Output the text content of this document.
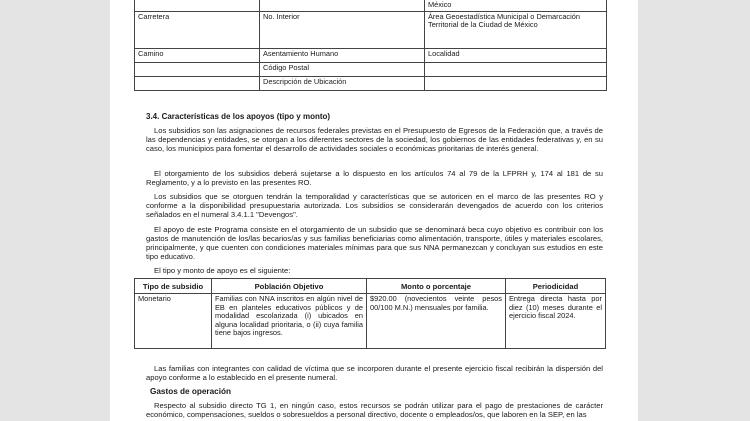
		México
Carretera	No. Interior	Área Geoestadística Municipal o Demarcación Territorial de la Ciudad de México
Camino	Asentamiento Humano	Localidad
	Código Postal	
	Descripción de Ubicación	
3.4. Características de los apoyos (tipo y monto)
Los subsidios son las asignaciones de recursos federales previstas en el Presupuesto de Egresos de la Federación que, a través de las dependencias y entidades, se otorgan a los diferentes sectores de la sociedad, los gobiernos de las entidades federativas y, en su caso, los municipios para fomentar el desarrollo de actividades sociales o económicas prioritarias de interés general.
El otorgamiento de los subsidios deberá sujetarse a lo dispuesto en los artículos 74 al 79 de la LFPRH y, 174 al 181 de su Reglamento, y a lo previsto en las presentes RO.
Los subsidios que se otorguen tendrán la temporalidad y características que se autoricen en el marco de las presentes RO y conforme a la disponibilidad presupuestaria autorizada. Los subsidios se considerarán devengados de acuerdo con los criterios señalados en el numeral 3.4.1.1 "Devengos".
El apoyo de este Programa consiste en el otorgamiento de un subsidio que se denominará beca cuyo objetivo es contribuir con los gastos de manutención de los/las becarios/as y sus familias beneficiarias como alimentación, transporte, útiles y materiales escolares, principalmente, y que cuenten con condiciones materiales mínimas para que sus NNA permanezcan y concluyan sus estudios en este tipo educativo.
El tipo y monto de apoyo es el siguiente:
Tipo de subsidio	Población Objetivo	Monto o porcentaje	Periodicidad
Monetario	Familias con NNA inscritos en algún nivel de EB en planteles educativos públicos y de modalidad escolarizada (i) ubicados en alguna localidad prioritaria, o (ii) cuya familia tiene bajos ingresos.	$920.00 (novecientos veinte pesos 00/100 M.N.) mensuales por familia.	Entrega directa hasta por diez (10) meses durante el ejercicio fiscal 2024.
Las familias con integrantes con calidad de víctima que se incorporen durante el presente ejercicio fiscal recibirán la dispersión del apoyo conforme a lo establecido en el presente numeral.
Gastos de operación
Respecto al subsidio directo TG 1, en ningún caso, estos recursos se podrán utilizar para el pago de prestaciones de carácter económico, compensaciones, sueldos o sobresueldos a personal directivo, docente o empleados/os, que laboren en la SEP, en las
